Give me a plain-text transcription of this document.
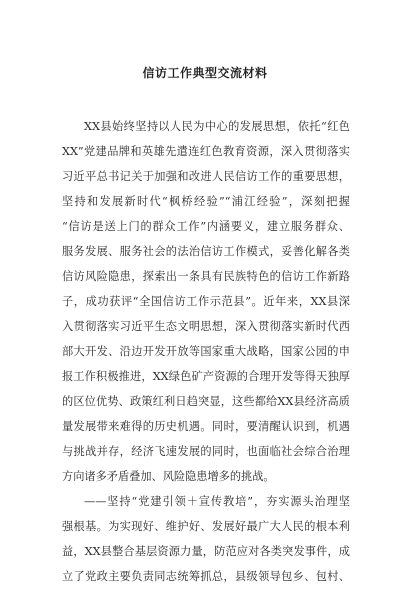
信访工作典型交流材料
XX县始终坚持以人民为中心的发展思想，依托“红色
XX”党建品牌和英雄先遣连红色教育资源，深入贯彻落实
习近平总书记关于加强和改进人民信访工作的重要思想，
坚持和发展新时代“枫桥经验”“浦江经验”，深刻把握
“信访是送上门的群众工作”内涵要义，建立服务群众、
服务发展、服务社会的法治信访工作模式，妥善化解各类
信访风险隐患，探索出一条具有民族特色的信访工作新路
子，成功获评“全国信访工作示范县”。近年来，XX县深
入贯彻落实习近平生态文明思想，深入贯彻落实新时代西
部大开发、沿边开发开放等国家重大战略，国家公园的申
报工作积极推进，XX绿色矿产资源的合理开发等得天独厚
的区位优势、政策红利日趋突显，这些都给XX县经济高质
量发展带来难得的历史机遇。同时，要清醒认识到，机遇
与挑战并存，经济飞速发展的同时，也面临社会综合治理
方向诸多矛盾叠加、风险隐患增多的挑战。
——坚持“党建引领＋宣传教培”，夯实源头治理坚
强根基。为实现好、维护好、发展好最广大人民的根本利
益，XX县整合基层资源力量，防范应对各类突发事件，成
立了党政主要负责同志统筹抓总，县级领导包乡、包村、
